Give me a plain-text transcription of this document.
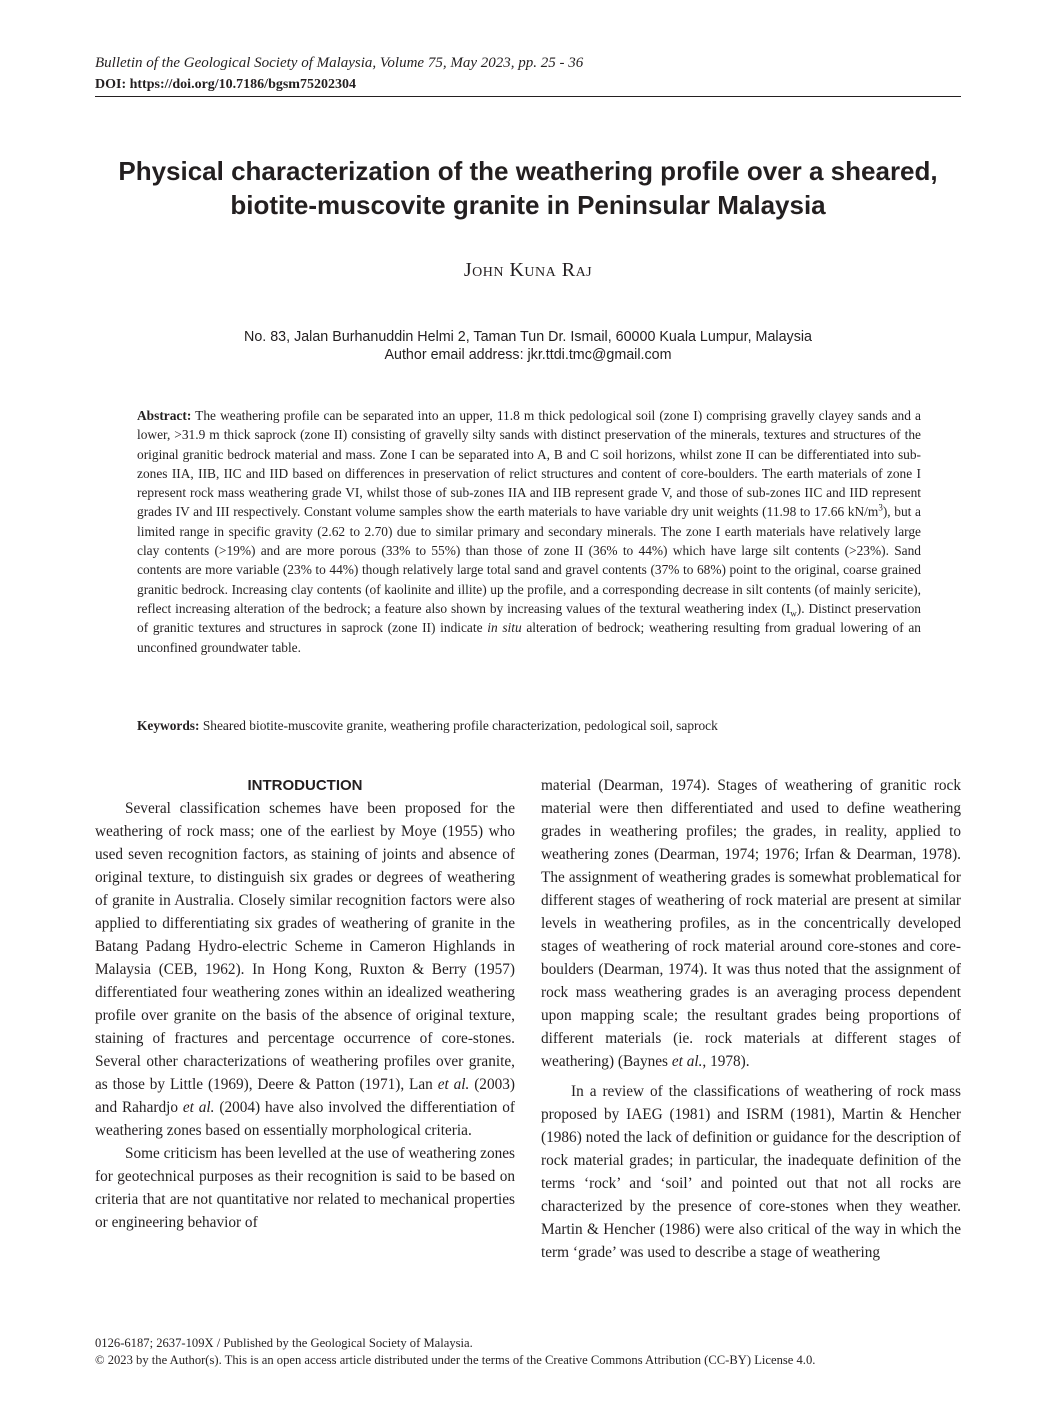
Bulletin of the Geological Society of Malaysia, Volume 75, May 2023, pp. 25 - 36
DOI: https://doi.org/10.7186/bgsm75202304
Physical characterization of the weathering profile over a sheared,
biotite-muscovite granite in Peninsular Malaysia
John Kuna Raj
No. 83, Jalan Burhanuddin Helmi 2, Taman Tun Dr. Ismail, 60000 Kuala Lumpur, Malaysia
Author email address: jkr.ttdi.tmc@gmail.com

Abstract: The weathering profile can be separated into an upper, 11.8 m thick pedological soil (zone I) comprising gravelly clayey sands and a lower, >31.9 m thick saprock (zone II) consisting of gravelly silty sands with distinct preservation of the minerals, textures and structures of the original granitic bedrock material and mass. Zone I can be separated into A, B and C soil horizons, whilst zone II can be differentiated into sub-zones IIA, IIB, IIC and IID based on differences in preservation of relict structures and content of core-boulders. The earth materials of zone I represent rock mass weathering grade VI, whilst those of sub-zones IIA and IIB represent grade V, and those of sub-zones IIC and IID represent grades IV and III respectively. Constant volume samples show the earth materials to have variable dry unit weights (11.98 to 17.66 $kN/m^3$), but a limited range in specific gravity (2.62 to 2.70) due to similar primary and secondary minerals. The zone I earth materials have relatively large clay contents (>19%) and are more porous (33% to 55%) than those of zone II (36% to 44%) which have large silt contents (>23%). Sand contents are more variable (23% to 44%) though relatively large total sand and gravel contents (37% to 68%) point to the original, coarse grained granitic bedrock. Increasing clay contents (of kaolinite and illite) up the profile, and a corresponding decrease in silt contents (of mainly sericite), reflect increasing alteration of the bedrock; a feature also shown by increasing values of the textural weathering index $(I_w)$. Distinct preservation of granitic textures and structures in saprock (zone II) indicate in situ alteration of bedrock; weathering resulting from gradual lowering of an unconfined groundwater table.

Keywords: Sheared biotite-muscovite granite, weathering profile characterization, pedological soil, saprock

INTRODUCTION

Several classification schemes have been proposed for the weathering of rock mass; one of the earliest by Moye (1955) who used seven recognition factors, as staining of joints and absence of original texture, to distinguish six grades or degrees of weathering of granite in Australia. Closely similar recognition factors were also applied to differentiating six grades of weathering of granite in the Batang Padang Hydro-electric Scheme in Cameron Highlands in Malaysia (CEB, 1962). In Hong Kong, Ruxton & Berry (1957) differentiated four weathering zones within an idealized weathering profile over granite on the basis of the absence of original texture, staining of fractures and percentage occurrence of core-stones. Several other characterizations of weathering profiles over granite, as those by Little (1969), Deere & Patton (1971), Lan et al. (2003) and Rahardjo et al. (2004) have also involved the differentiation of weathering zones based on essentially morphological criteria.

Some criticism has been levelled at the use of weathering zones for geotechnical purposes as their recognition is said to be based on criteria that are not quantitative nor related to mechanical properties or engineering behavior of

material (Dearman, 1974). Stages of weathering of granitic rock material were then differentiated and used to define weathering grades in weathering profiles; the grades, in reality, applied to weathering zones (Dearman, 1974; 1976; Irfan & Dearman, 1978). The assignment of weathering grades is somewhat problematical for different stages of weathering of rock material are present at similar levels in weathering profiles, as in the concentrically developed stages of weathering of rock material around core-stones and core-boulders (Dearman, 1974). It was thus noted that the assignment of rock mass weathering grades is an averaging process dependent upon mapping scale; the resultant grades being proportions of different materials (ie. rock materials at different stages of weathering) (Baynes et al., 1978).

In a review of the classifications of weathering of rock mass proposed by IAEG (1981) and ISRM (1981), Martin & Hencher (1986) noted the lack of definition or guidance for the description of rock material grades; in particular, the inadequate definition of the terms ‘rock’ and ‘soil’ and pointed out that not all rocks are characterized by the presence of core-stones when they weather. Martin & Hencher (1986) were also critical of the way in which the term ‘grade’ was used to describe a stage of weathering

0126-6187; 2637-109X / Published by the Geological Society of Malaysia.
© 2023 by the Author(s). This is an open access article distributed under the terms of the Creative Commons Attribution (CC-BY) License 4.0.
